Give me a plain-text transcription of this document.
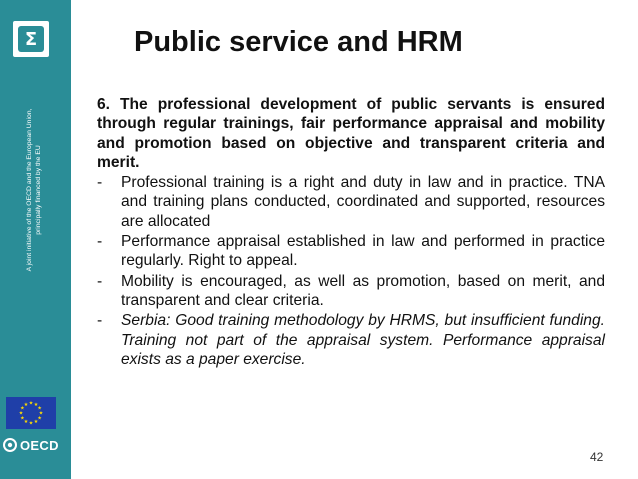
Σ
A joint initiative of the OECD and the European Union, principally financed by the EU
★ ★
★
★
★
★
★
★
★
★
★
★
OECD
Public service and HRM
6. The professional development of public servants is ensured through regular trainings, fair performance appraisal and mobility and promotion based on objective and transparent criteria and merit.
-	Professional training is a right and duty in law and in practice. TNA and training plans conducted, coordinated and supported, resources are allocated
-	Performance appraisal established in law and performed in practice regularly. Right to appeal.
-	Mobility is encouraged, as well as promotion, based on merit, and transparent and clear criteria.
-	Serbia: Good training methodology by HRMS, but insufficient funding. Training not part of the appraisal system. Performance appraisal exists as a paper exercise.
42
